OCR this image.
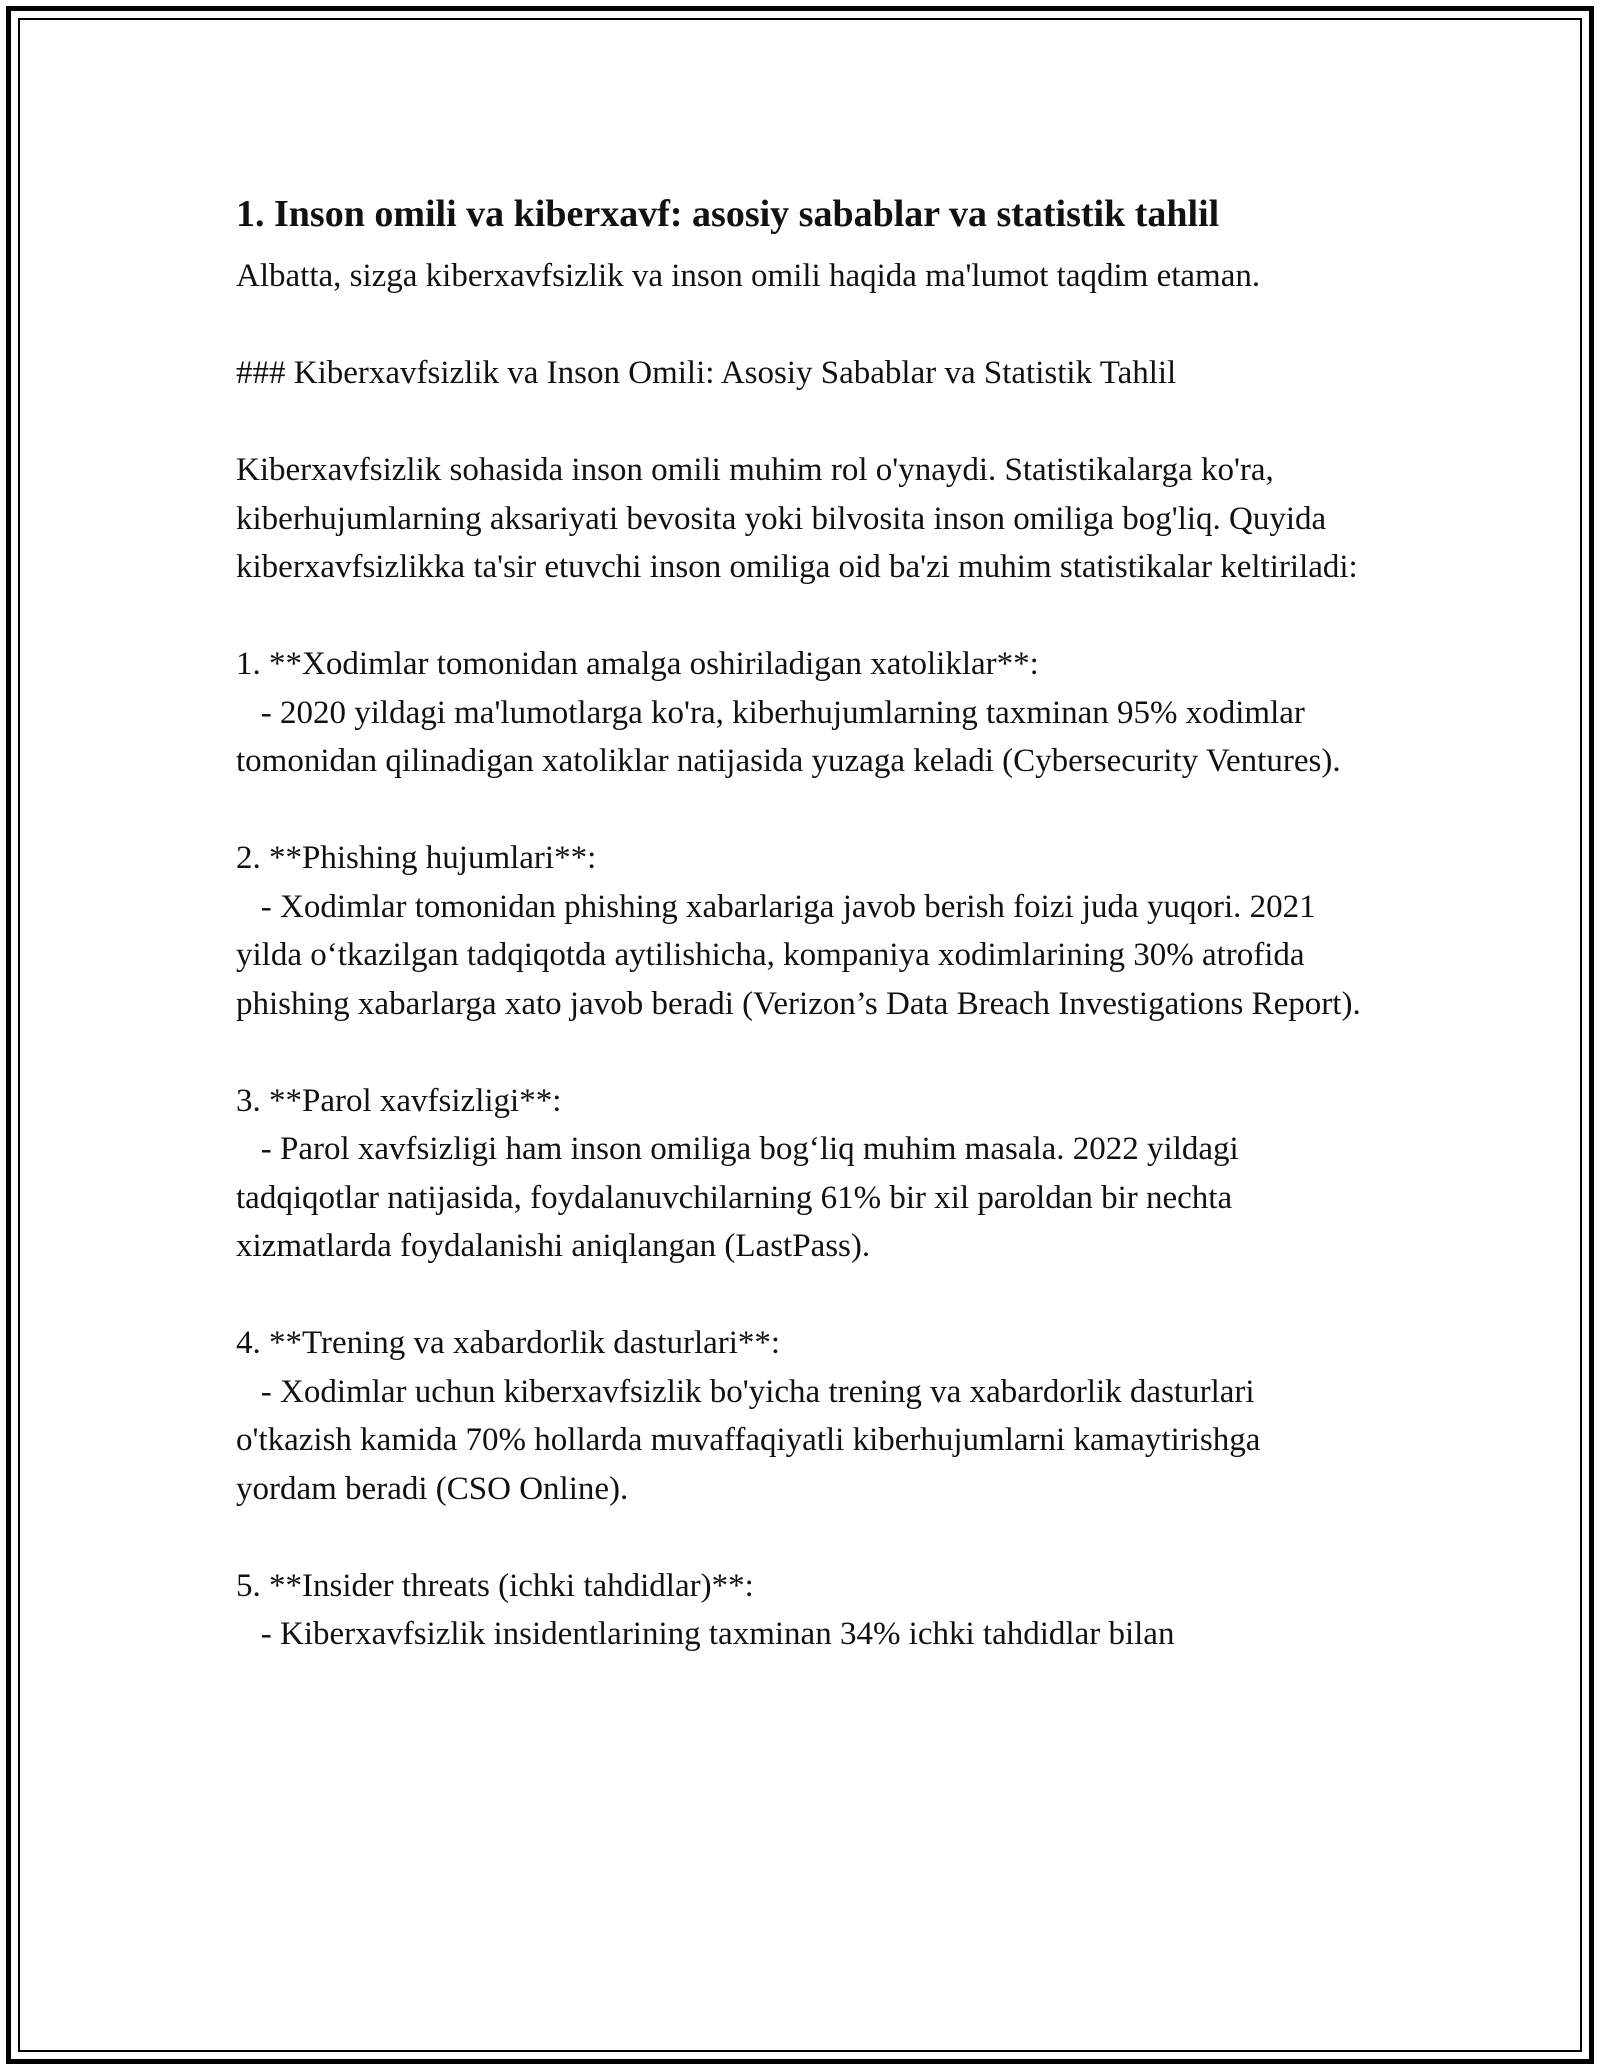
1. Inson omili va kiberxavf: asosiy sabablar va statistik tahlil

Albatta, sizga kiberxavfsizlik va inson omili haqida ma'lumot taqdim etaman.

### Kiberxavfsizlik va Inson Omili: Asosiy Sabablar va Statistik Tahlil

Kiberxavfsizlik sohasida inson omili muhim rol o'ynaydi. Statistikalarga ko'ra, kiberhujumlarning aksariyati bevosita yoki bilvosita inson omiliga bog'liq. Quyida kiberxavfsizlikka ta'sir etuvchi inson omiliga oid ba'zi muhim statistikalar keltiriladi:

1. **Xodimlar tomonidan amalga oshiriladigan xatoliklar**:

- 2020 yildagi ma'lumotlarga ko'ra, kiberhujumlarning taxminan 95% xodimlar tomonidan qilinadigan xatoliklar natijasida yuzaga keladi (Cybersecurity Ventures).

2. **Phishing hujumlari**:

- Xodimlar tomonidan phishing xabarlariga javob berish foizi juda yuqori. 2021 yilda o‘tkazilgan tadqiqotda aytilishicha, kompaniya xodimlarining 30% atrofida phishing xabarlarga xato javob beradi (Verizon’s Data Breach Investigations Report).

3. **Parol xavfsizligi**:

- Parol xavfsizligi ham inson omiliga bog‘liq muhim masala. 2022 yildagi tadqiqotlar natijasida, foydalanuvchilarning 61% bir xil paroldan bir nechta xizmatlarda foydalanishi aniqlangan (LastPass).

4. **Trening va xabardorlik dasturlari**:

- Xodimlar uchun kiberxavfsizlik bo'yicha trening va xabardorlik dasturlari o'tkazish kamida 70% hollarda muvaffaqiyatli kiberhujumlarni kamaytirishga yordam beradi (CSO Online).

5. **Insider threats (ichki tahdidlar)**:

- Kiberxavfsizlik insidentlarining taxminan 34% ichki tahdidlar bilan
